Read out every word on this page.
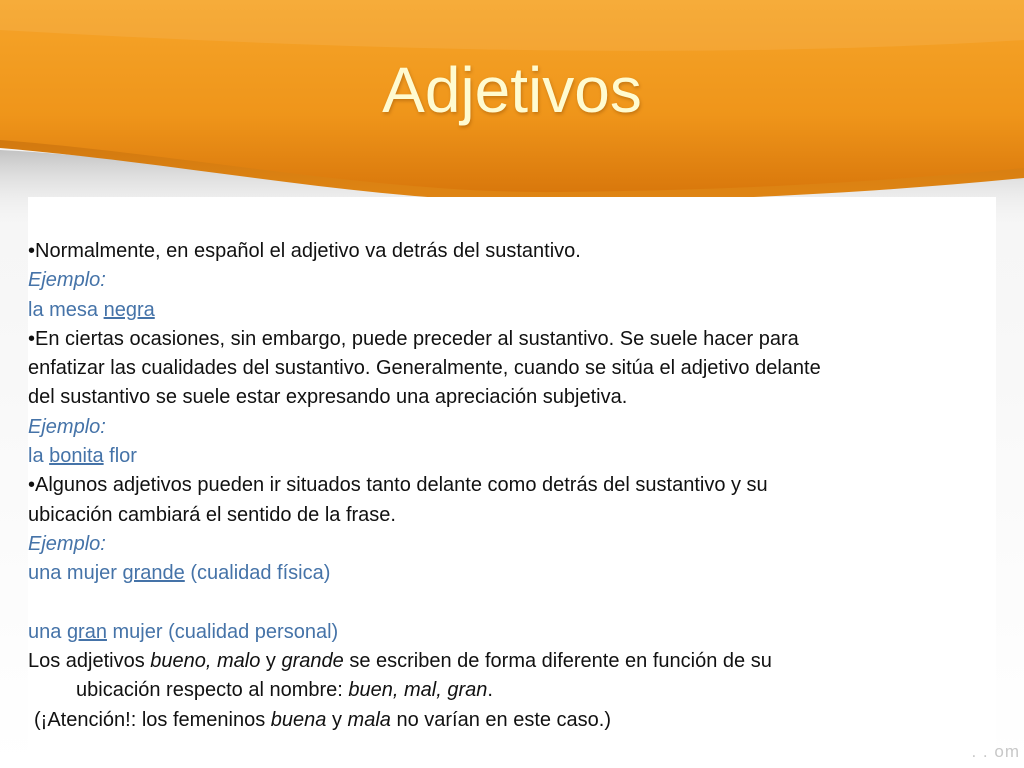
Adjetivos
•Normalmente, en español el adjetivo va detrás del sustantivo.
Ejemplo:
la mesa negra
•En ciertas ocasiones, sin embargo, puede preceder al sustantivo. Se suele hacer para
enfatizar las cualidades del sustantivo. Generalmente, cuando se sitúa el adjetivo delante
del sustantivo se suele estar expresando una apreciación subjetiva.
Ejemplo:
la bonita flor
•Algunos adjetivos pueden ir situados tanto delante como detrás del sustantivo y su
ubicación cambiará el sentido de la frase.
Ejemplo:
una mujer grande (cualidad física)
una gran mujer (cualidad personal)
Los adjetivos bueno, malo y grande se escriben de forma diferente en función de su
ubicación respecto al nombre: buen, mal, gran.
(¡Atención!: los femeninos buena y mala no varían en este caso.)
. . om
